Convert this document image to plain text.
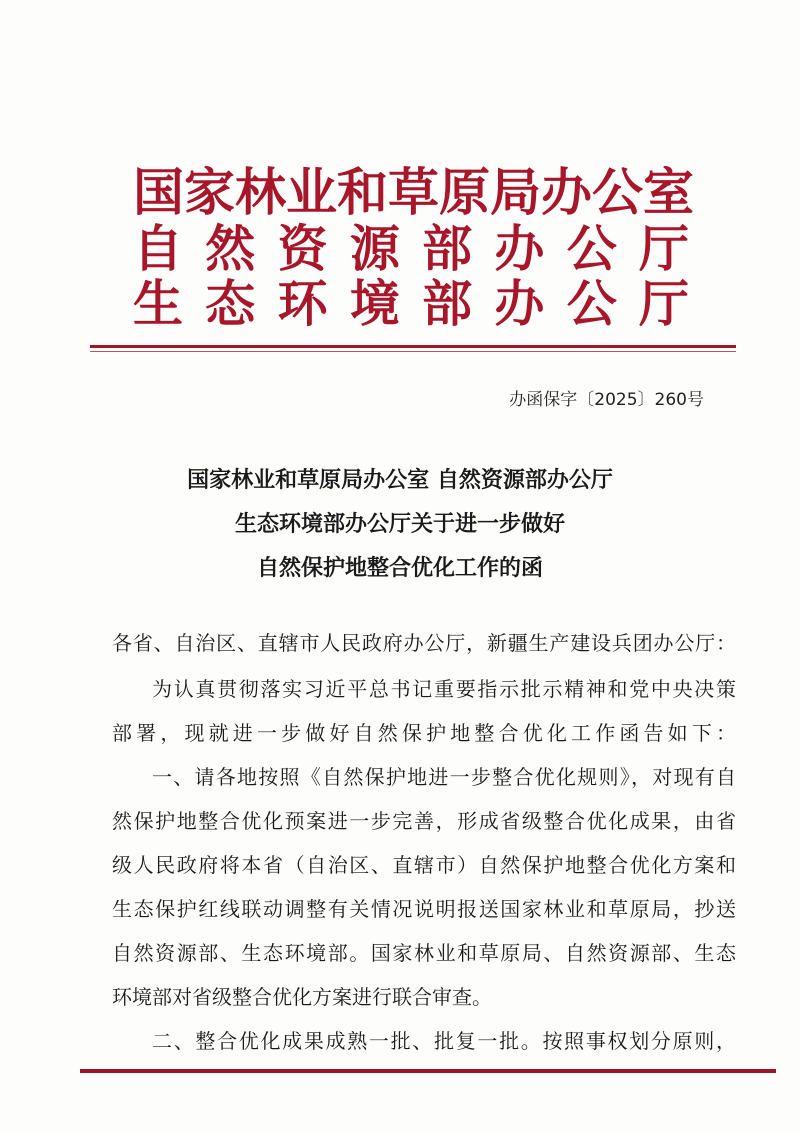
国家林业和草原局办公室
自然资源部办公厅
生态环境部办公厅
办函保字〔2025〕260号
国家林业和草原局办公室 自然资源部办公厅
生态环境部办公厅关于进一步做好
自然保护地整合优化工作的函
各省、自治区、直辖市人民政府办公厅，新疆生产建设兵团办公厅：
为认真贯彻落实习近平总书记重要指示批示精神和党中央决策
部署，现就进一步做好自然保护地整合优化工作函告如下：
一、请各地按照《自然保护地进一步整合优化规则》，对现有自
然保护地整合优化预案进一步完善，形成省级整合优化成果，由省
级人民政府将本省（自治区、直辖市）自然保护地整合优化方案和
生态保护红线联动调整有关情况说明报送国家林业和草原局，抄送
自然资源部、生态环境部。国家林业和草原局、自然资源部、生态
环境部对省级整合优化方案进行联合审查。
二、整合优化成果成熟一批、批复一批。按照事权划分原则，
